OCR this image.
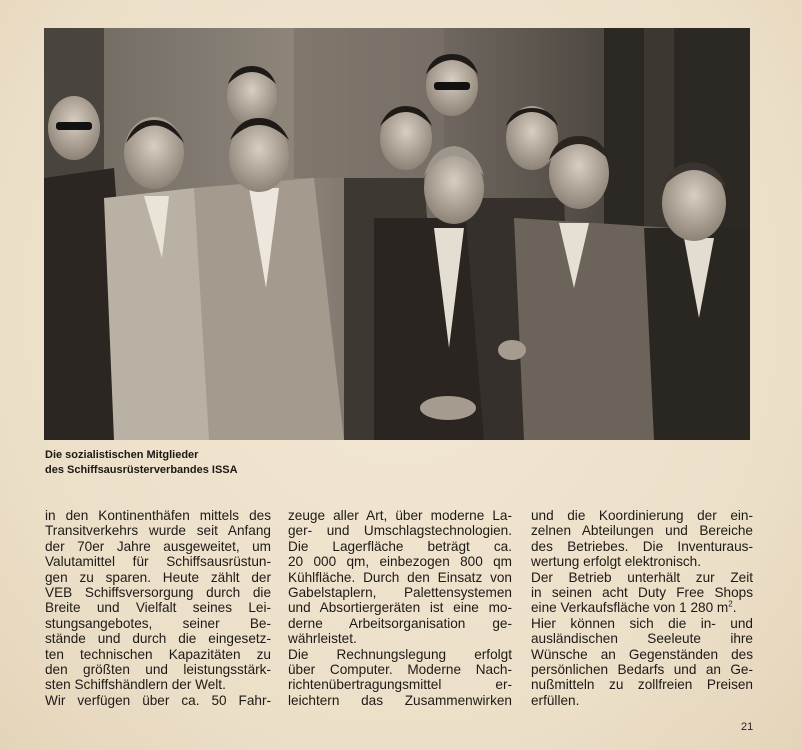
Die sozialistischen Mitglieder
des Schiffsausrüsterverbandes ISSA
in den Kontinenthäfen mittels des
Transitverkehrs wurde seit Anfang
der 70er Jahre ausgeweitet, um
Valutamittel für Schiffsausrüstun-
gen zu sparen. Heute zählt der
VEB Schiffsversorgung durch die
Breite und Vielfalt seines Lei-
stungsangebotes, seiner Be-
stände und durch die eingesetz-
ten technischen Kapazitäten zu
den größten und leistungsstärk-
sten Schiffshändlern der Welt.
Wir verfügen über ca. 50 Fahr-
zeuge aller Art, über moderne La-
ger- und Umschlagstechnologien.
Die Lagerfläche beträgt ca.
20 000 qm, einbezogen 800 qm
Kühlfläche. Durch den Einsatz von
Gabelstaplern, Palettensystemen
und Absortiergeräten ist eine mo-
derne Arbeitsorganisation ge-
währleistet.
Die Rechnungslegung erfolgt
über Computer. Moderne Nach-
richtenübertragungsmittel er-
leichtern das Zusammenwirken
und die Koordinierung der ein-
zelnen Abteilungen und Bereiche
des Betriebes. Die Inventuraus-
wertung erfolgt elektronisch.
Der Betrieb unterhält zur Zeit
in seinen acht Duty Free Shops
eine Verkaufsfläche von 1 280 $m^2$.
Hier können sich die in- und
ausländischen Seeleute ihre
Wünsche an Gegenständen des
persönlichen Bedarfs und an Ge-
nußmitteln zu zollfreien Preisen
erfüllen.
21
